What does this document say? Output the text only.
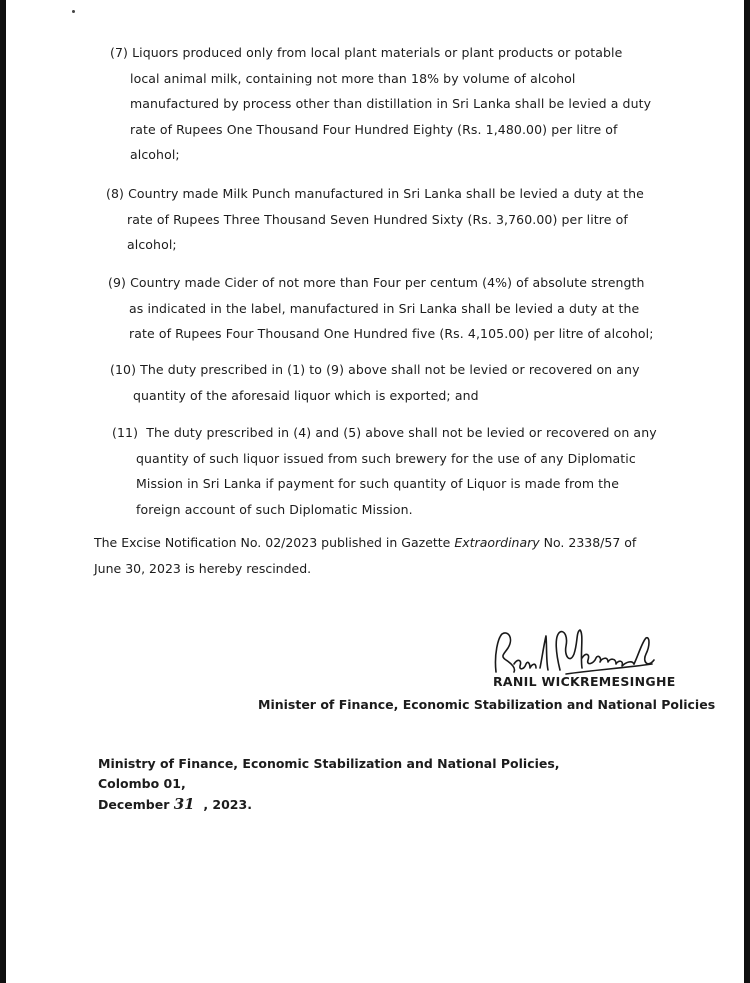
(7) Liquors produced only from local plant materials or plant products or potable
local animal milk, containing not more than 18% by volume of alcohol
manufactured by process other than distillation in Sri Lanka shall be levied a duty
rate of Rupees One Thousand Four Hundred Eighty (Rs. 1,480.00) per litre of
alcohol;
(8) Country made Milk Punch manufactured in Sri Lanka shall be levied a duty at the
rate of Rupees Three Thousand Seven Hundred Sixty (Rs. 3,760.00) per litre of
alcohol;
(9) Country made Cider of not more than Four per centum (4%) of absolute strength
as indicated in the label, manufactured in Sri Lanka shall be levied a duty at the
rate of Rupees Four Thousand One Hundred five (Rs. 4,105.00) per litre of alcohol;
(10) The duty prescribed in (1) to (9) above shall not be levied or recovered on any
quantity of the aforesaid liquor which is exported; and
(11) The duty prescribed in (4) and (5) above shall not be levied or recovered on any
quantity of such liquor issued from such brewery for the use of any Diplomatic
Mission in Sri Lanka if payment for such quantity of Liquor is made from the
foreign account of such Diplomatic Mission.
The Excise Notification No. 02/2023 published in Gazette Extraordinary No. 2338/57 of
June 30, 2023 is hereby rescinded.
RANIL WICKREMESINGHE
Minister of Finance, Economic Stabilization and National Policies
Ministry of Finance, Economic Stabilization and National Policies,
Colombo 01,
December 31 , 2023.
